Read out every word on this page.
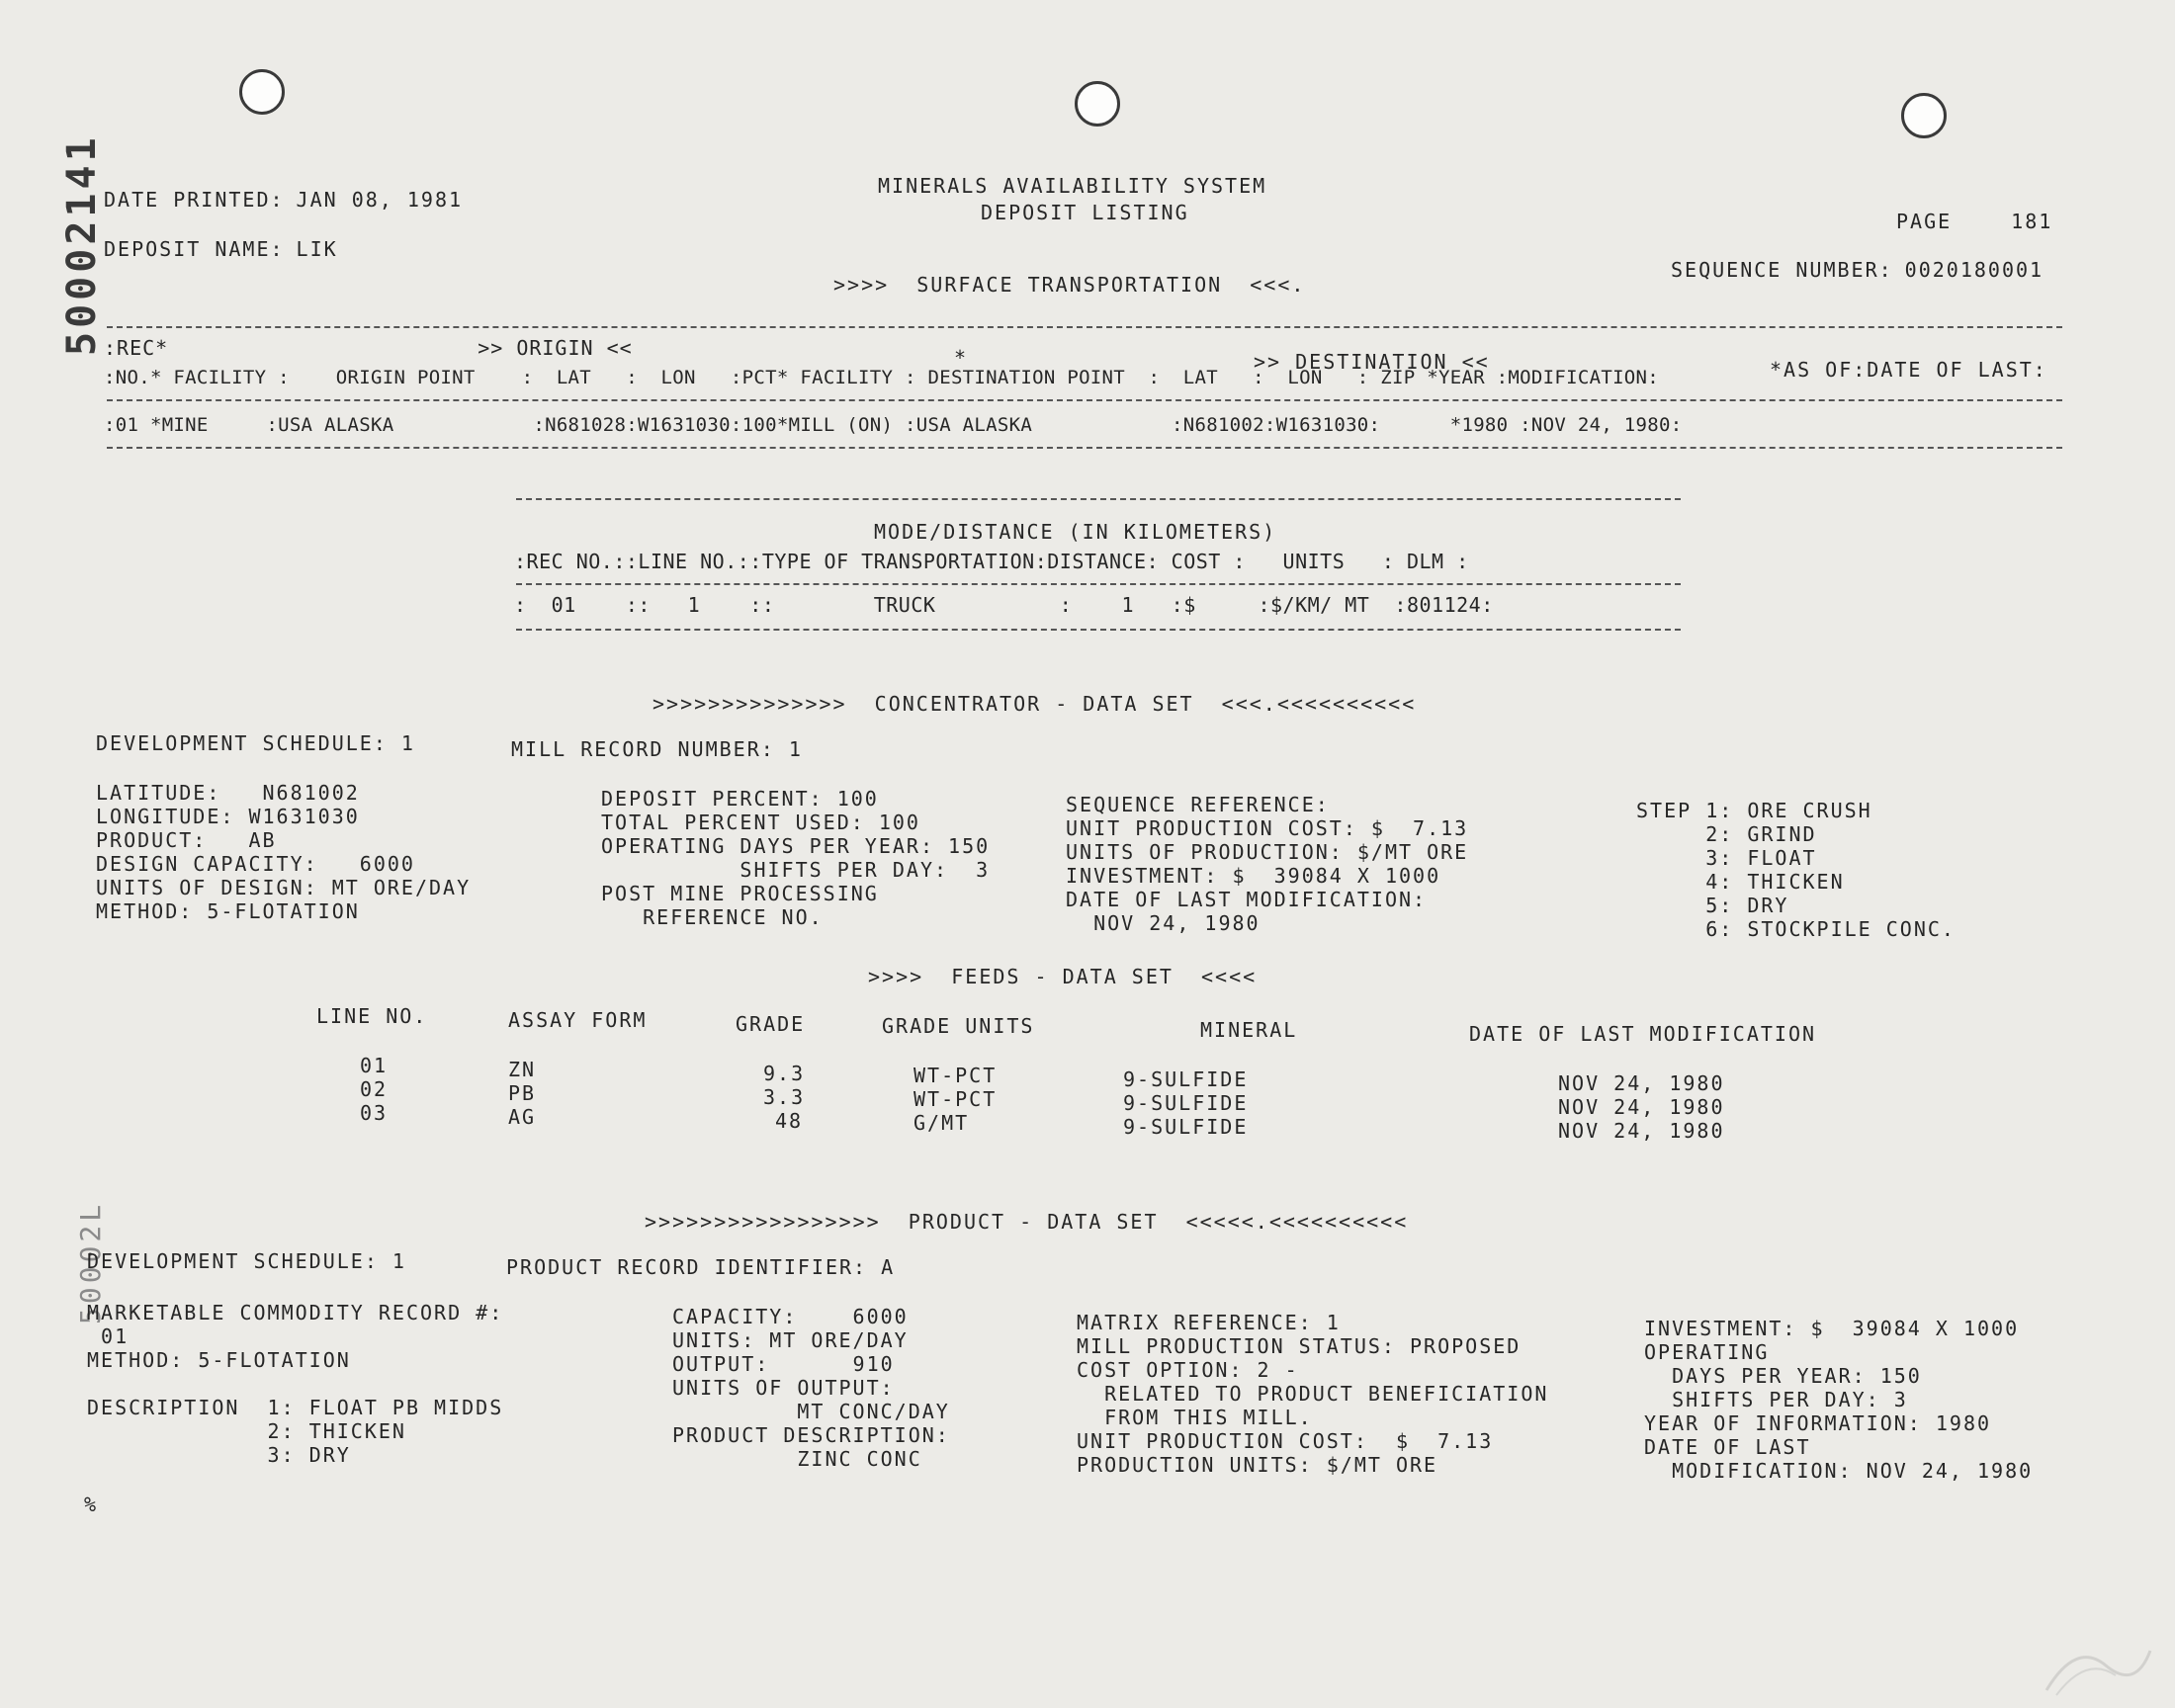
50002141
50002L
MINERALS AVAILABILITY SYSTEM
DEPOSIT LISTING
DATE PRINTED: JAN 08, 1981
DEPOSIT NAME: LIK
PAGE	181
SEQUENCE NUMBER: 0020180001
>>>>  SURFACE TRANSPORTATION  <<<.
:REC*                        >> ORIGIN <<	*	>> DESTINATION <<	*AS OF:DATE OF LAST:
:NO.* FACILITY :    ORIGIN POINT    :  LAT   :  LON   :PCT* FACILITY : DESTINATION POINT  :  LAT   :  LON   : ZIP *YEAR :MODIFICATION:
:01 *MINE     :USA ALASKA            :N681028:W1631030:100*MILL (ON) :USA ALASKA            :N681002:W1631030:      *1980 :NOV 24, 1980:
MODE/DISTANCE (IN KILOMETERS)
:REC NO.::LINE NO.::TYPE OF TRANSPORTATION:DISTANCE: COST :   UNITS   : DLM :
:  01    ::   1    ::        TRUCK          :    1   :$     :$/KM/ MT  :801124:
>>>>>>>>>>>>>>  CONCENTRATOR - DATA SET  <<<.<<<<<<<<<<
DEVELOPMENT SCHEDULE: 1	MILL RECORD NUMBER: 1
LATITUDE:   N681002
LONGITUDE: W1631030
PRODUCT:   AB
DESIGN CAPACITY:   6000
UNITS OF DESIGN: MT ORE/DAY
METHOD: 5-FLOTATION
DEPOSIT PERCENT: 100
TOTAL PERCENT USED: 100
OPERATING DAYS PER YEAR: 150
SHIFTS PER DAY:  3
POST MINE PROCESSING
REFERENCE NO.
SEQUENCE REFERENCE:
UNIT PRODUCTION COST: $  7.13
UNITS OF PRODUCTION: $/MT ORE
INVESTMENT: $  39084 X 1000
DATE OF LAST MODIFICATION:
NOV 24, 1980
STEP 1: ORE CRUSH
2: GRIND
3: FLOAT
4: THICKEN
5: DRY
6: STOCKPILE CONC.
>>>>  FEEDS - DATA SET  <<<<
LINE NO.	ASSAY FORM	GRADE	GRADE UNITS	MINERAL	DATE OF LAST MODIFICATION
01	ZN	9.3	WT-PCT	9-SULFIDE	NOV 24, 1980
02	PB	3.3	WT-PCT	9-SULFIDE	NOV 24, 1980
03	AG	48	G/MT	9-SULFIDE	NOV 24, 1980
>>>>>>>>>>>>>>>>>  PRODUCT - DATA SET  <<<<<.<<<<<<<<<<
DEVELOPMENT SCHEDULE: 1	PRODUCT RECORD IDENTIFIER: A
MARKETABLE COMMODITY RECORD #:
01
METHOD: 5-FLOTATION
DESCRIPTION  1: FLOAT PB MIDDS
2: THICKEN
3: DRY
CAPACITY:    6000
UNITS: MT ORE/DAY
OUTPUT:      910
UNITS OF OUTPUT:
MT CONC/DAY
PRODUCT DESCRIPTION:
ZINC CONC
MATRIX REFERENCE: 1
MILL PRODUCTION STATUS: PROPOSED
COST OPTION: 2 -
RELATED TO PRODUCT BENEFICIATION
FROM THIS MILL.
UNIT PRODUCTION COST:  $  7.13
PRODUCTION UNITS: $/MT ORE
INVESTMENT: $  39084 X 1000
OPERATING
DAYS PER YEAR: 150
SHIFTS PER DAY: 3
YEAR OF INFORMATION: 1980
DATE OF LAST
MODIFICATION: NOV 24, 1980
%
